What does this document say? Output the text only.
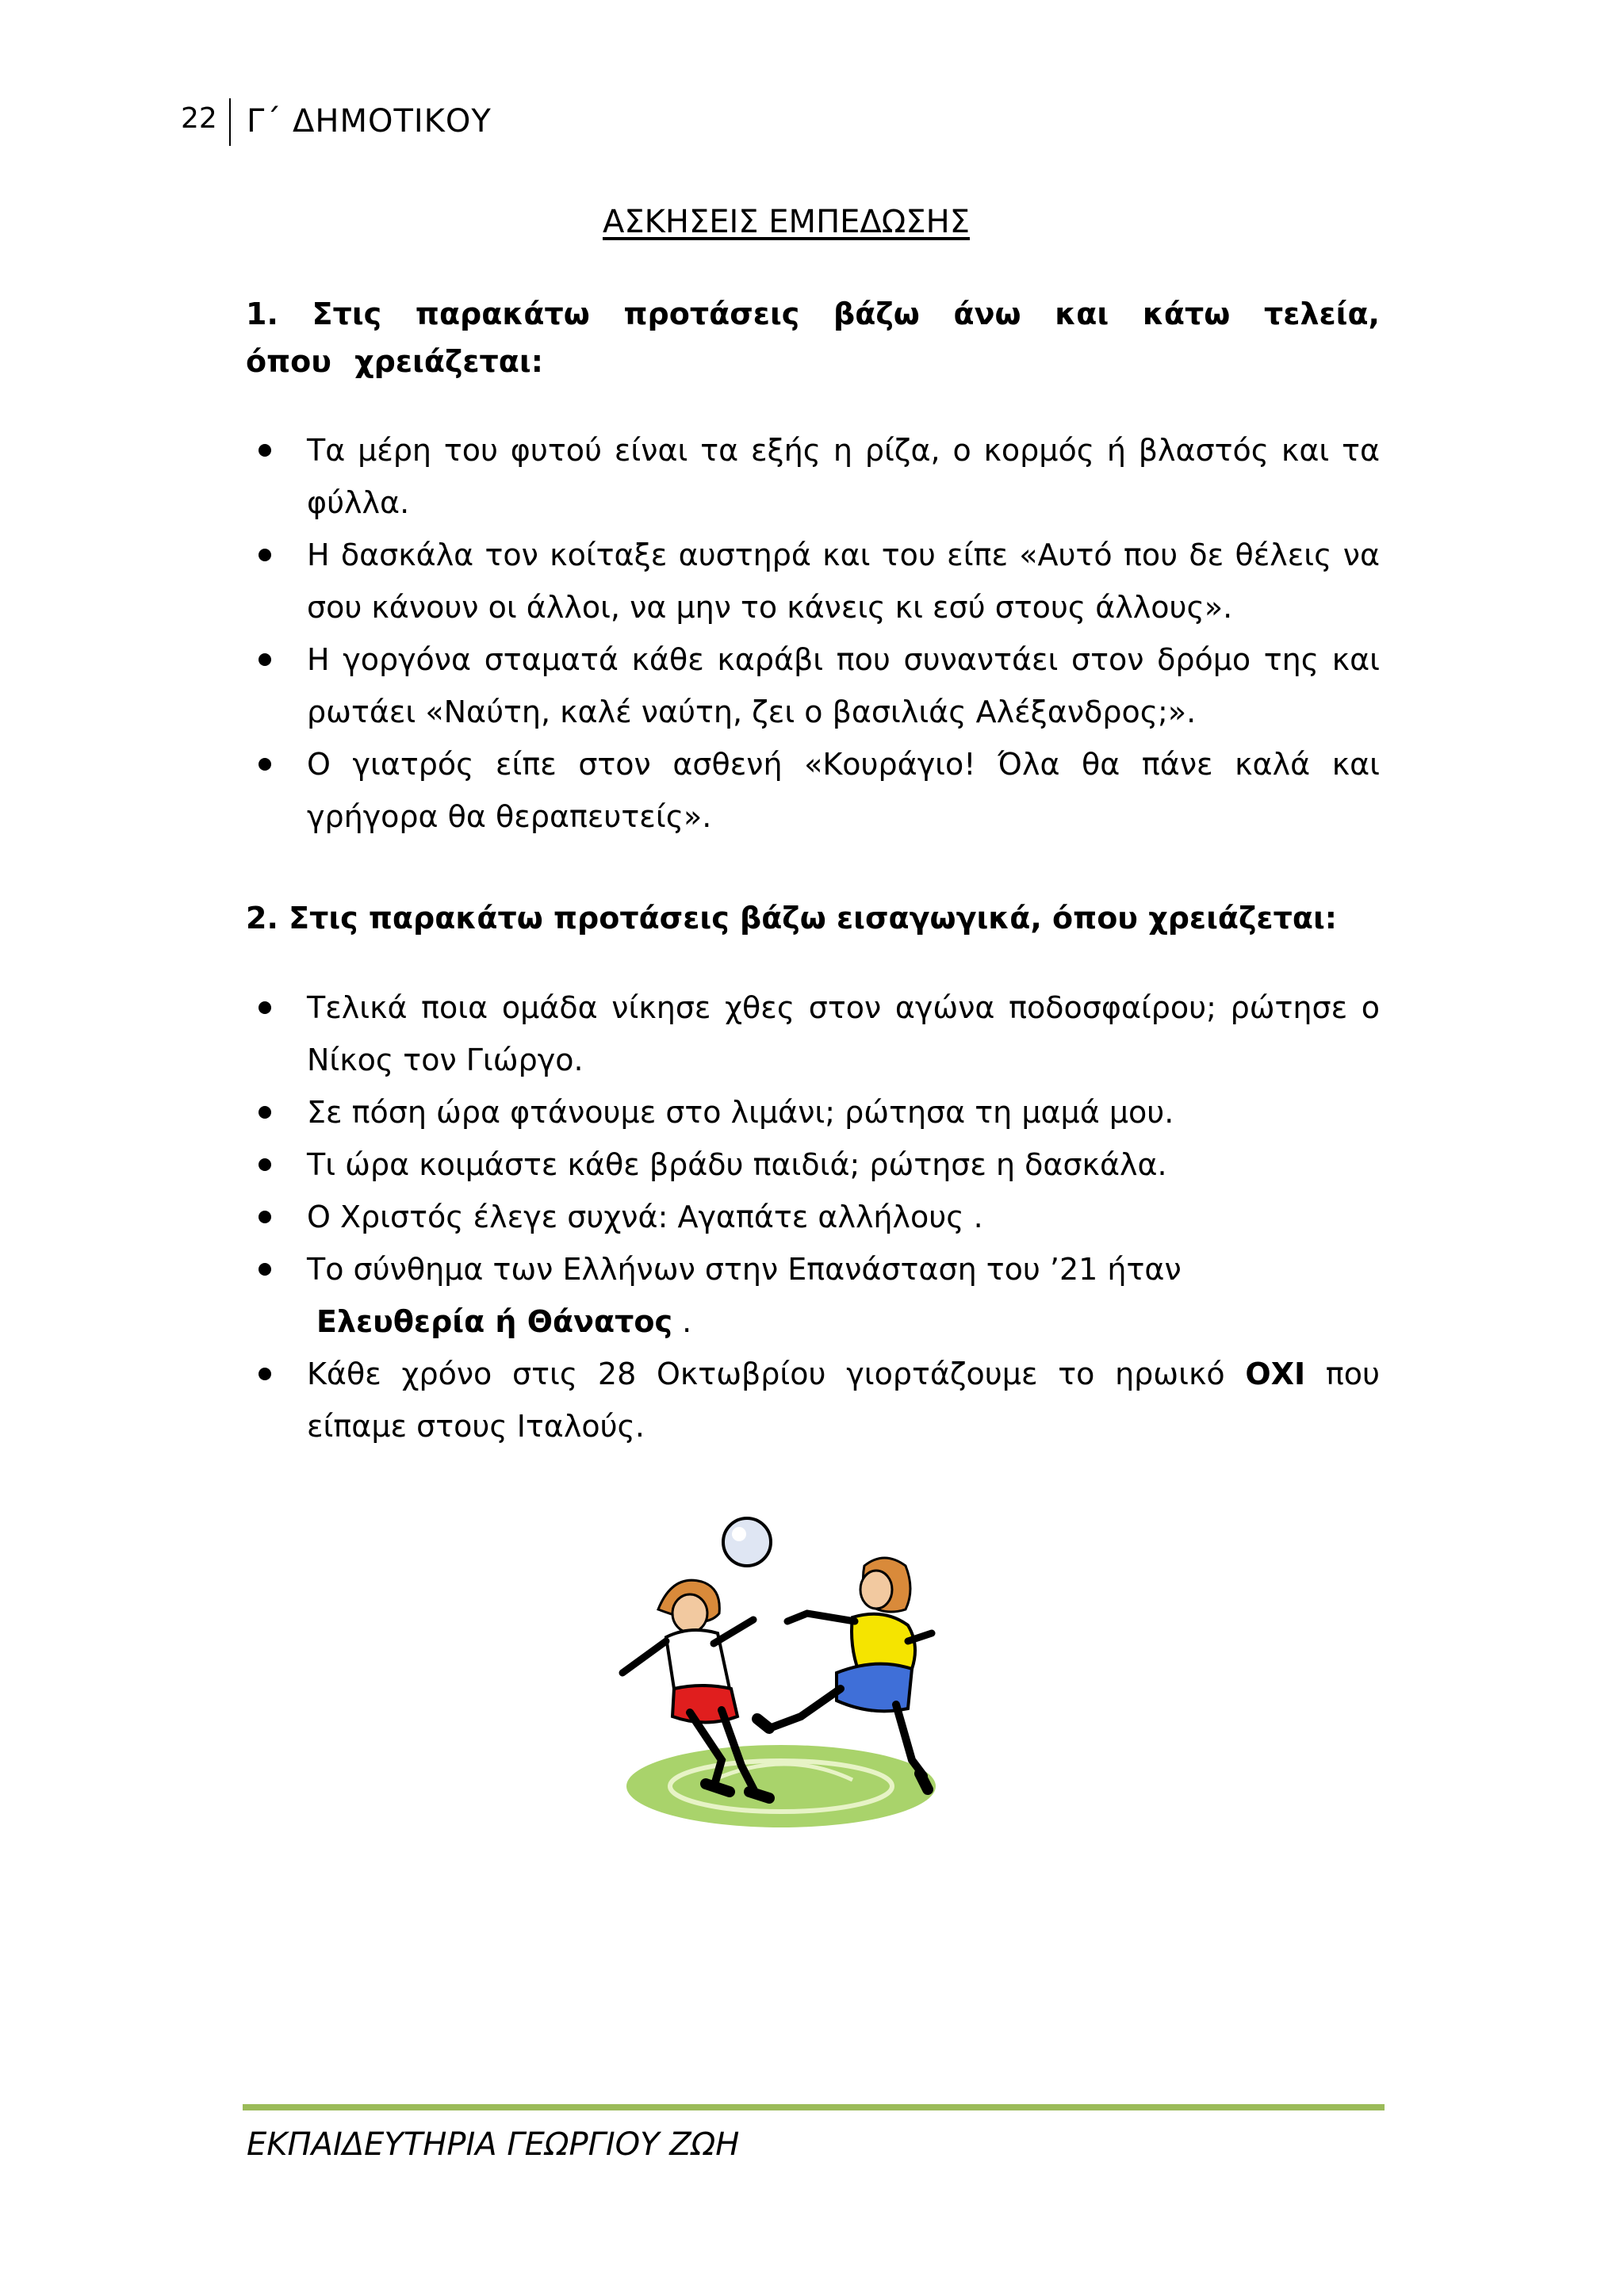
22 Γ΄ ΔΗΜΟΤΙΚΟΥ
ΑΣΚΗΣΕΙΣ ΕΜΠΕΔΩΣΗΣ
1. Στις παρακάτω προτάσεις βάζω άνω και κάτω τελεία, όπου χρειάζεται:
Τα μέρη του φυτού είναι τα εξής η ρίζα, ο κορμός ή βλαστός και τα φύλλα.
Η δασκάλα τον κοίταξε αυστηρά και του είπε «Αυτό που δε θέλεις να σου κάνουν οι άλλοι, να μην το κάνεις κι εσύ στους άλλους».
Η γοργόνα σταματά κάθε καράβι που συναντάει στον δρόμο της και ρωτάει «Ναύτη, καλέ ναύτη, ζει ο βασιλιάς Αλέξανδρος;».
Ο γιατρός είπε στον ασθενή «Κουράγιο! Όλα θα πάνε καλά και γρήγορα θα θεραπευτείς».
2. Στις παρακάτω προτάσεις βάζω εισαγωγικά, όπου χρειάζεται:
Τελικά ποια ομάδα νίκησε χθες στον αγώνα ποδοσφαίρου; ρώτησε ο Νίκος τον Γιώργο.
Σε πόση ώρα φτάνουμε στο λιμάνι; ρώτησα τη μαμά μου.
Τι ώρα κοιμάστε κάθε βράδυ παιδιά; ρώτησε η δασκάλα.
Ο Χριστός έλεγε συχνά: Αγαπάτε αλλήλους .
Το σύνθημα των Ελλήνων στην Επανάσταση του ’21 ήταν
Ελευθερία ή Θάνατος .
Κάθε χρόνο στις 28 Οκτωβρίου γιορτάζουμε το ηρωικό ΟΧΙ που είπαμε στους Ιταλούς.
ΕΚΠΑΙΔΕΥΤΗΡΙΑ ΓΕΩΡΓΙΟΥ ΖΩΗ
